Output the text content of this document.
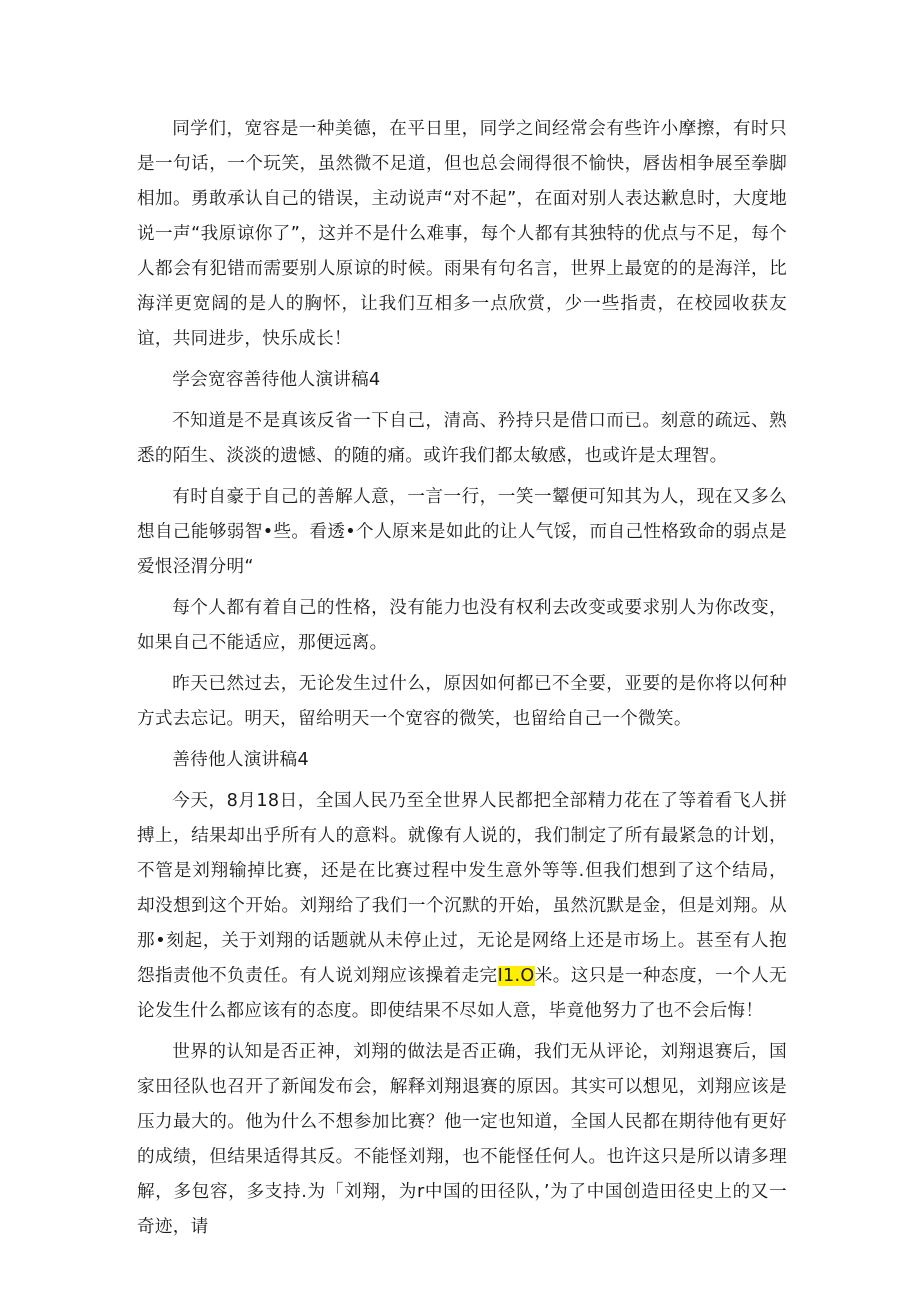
同学们，宽容是一种美德，在平日里，同学之间经常会有些许小摩擦，有时只是一句话，一个玩笑，虽然微不足道，但也总会闹得很不愉快，唇齿相争展至拳脚相加。勇敢承认自己的错误，主动说声“对不起”，在面对别人表达歉息时，大度地说一声“我原谅你了”，这并不是什么难事，每个人都有其独特的优点与不足，每个人都会有犯错而需要别人原谅的时候。雨果有句名言，世界上最宽的的是海洋，比海洋更宽阔的是人的胸怀，让我们互相多一点欣赏，少一些指责，在校园收获友谊，共同进步，快乐成长！

学会宽容善待他人演讲稿4

不知道是不是真该反省一下自己，清高、矜持只是借口而已。刻意的疏远、熟悉的陌生、淡淡的遗憾、的随的痛。或许我们都太敏感，也或许是太理智。

有时自豪于自己的善解人意，一言一行，一笑一颦便可知其为人，现在又多么想自己能够弱智•些。看透•个人原来是如此的让人气馁，而自己性格致命的弱点是爱恨泾渭分明“

每个人都有着自己的性格，没有能力也没有权利去改变或要求别人为你改变，如果自己不能适应，那便远离。

昨天已然过去，无论发生过什么，原因如何都已不全要，亚要的是你将以何种方式去忘记。明天，留给明天一个宽容的微笑，也留给自己一个微笑。

善待他人演讲稿4

今天，8月18日，全国人民乃至全世界人民都把全部精力花在了等着看飞人拼搏上，结果却出乎所有人的意料。就像有人说的，我们制定了所有最紧急的计划，不管是刘翔输掉比赛，还是在比赛过程中发生意外等等.但我们想到了这个结局，却没想到这个开始。刘翔给了我们一个沉默的开始，虽然沉默是金，但是刘翔。从那•刻起，关于刘翔的话题就从未停止过，无论是网络上还是市场上。甚至有人抱怨指责他不负责任。有人说刘翔应该操着走完I1.O米。这只是一种态度，一个人无论发生什么都应该有的态度。即使结果不尽如人意，毕竟他努力了也不会后悔！

世界的认知是否正神，刘翔的做法是否正确，我们无从评论，刘翔退赛后，国家田径队也召开了新闻发布会，解释刘翔退赛的原因。其实可以想见，刘翔应该是压力最大的。他为什么不想参加比赛？他一定也知道，全国人民都在期待他有更好的成绩，但结果适得其反。不能怪刘翔，也不能怪任何人。也许这只是所以请多理解，多包容，多支持.为「刘翔，为r中国的田径队，’为了中国创造田径史上的又一奇迹，请
